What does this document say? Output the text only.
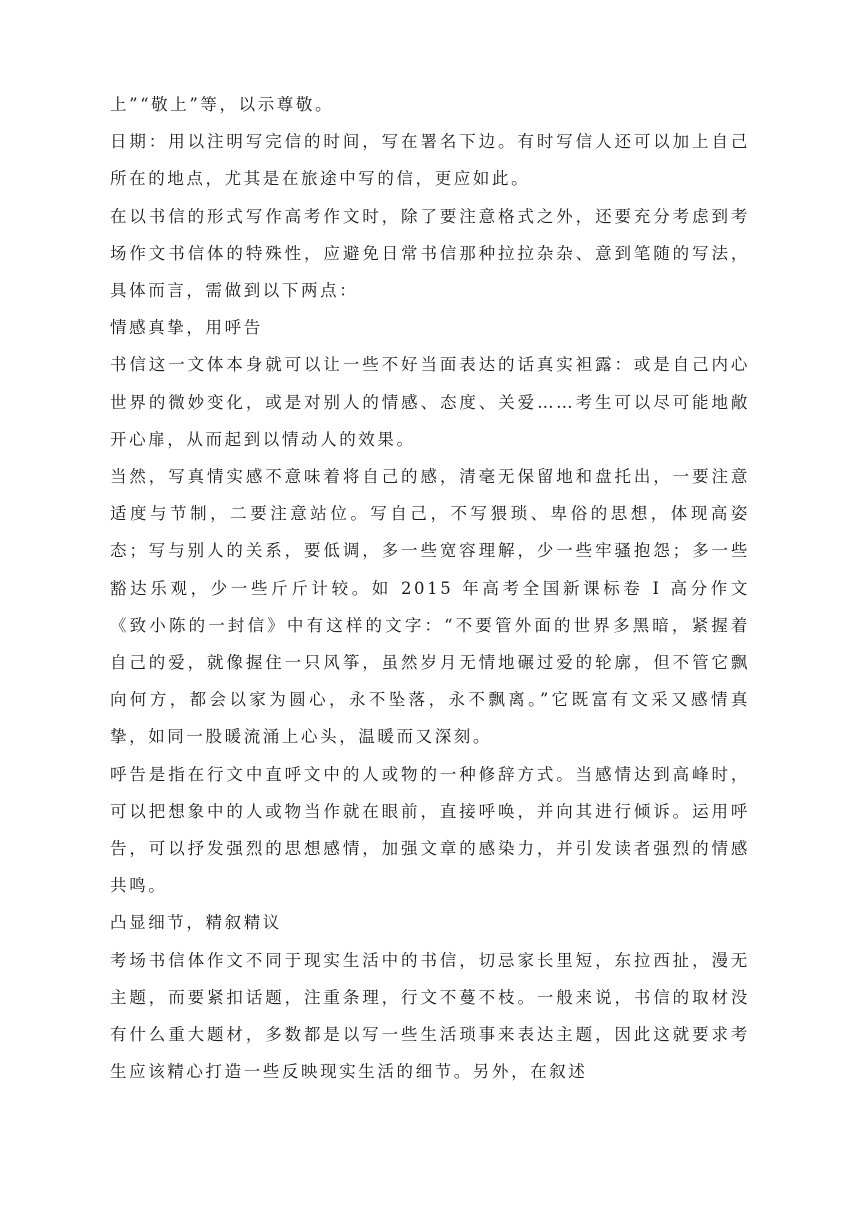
上”“敬上”等，以示尊敬。

日期：用以注明写完信的时间，写在署名下边。有时写信人还可以加上自己所在的地点，尤其是在旅途中写的信，更应如此。

在以书信的形式写作高考作文时，除了要注意格式之外，还要充分考虑到考场作文书信体的特殊性，应避免日常书信那种拉拉杂杂、意到笔随的写法，具体而言，需做到以下两点：

情感真挚，用呼告

书信这一文体本身就可以让一些不好当面表达的话真实袒露：或是自己内心世界的微妙变化，或是对别人的情感、态度、关爱……考生可以尽可能地敞开心扉，从而起到以情动人的效果。

当然，写真情实感不意味着将自己的感，清毫无保留地和盘托出，一要注意适度与节制，二要注意站位。写自己，不写猥琐、卑俗的思想，体现高姿态；写与别人的关系，要低调，多一些宽容理解，少一些牢骚抱怨；多一些豁达乐观，少一些斤斤计较。如 2015 年高考全国新课标卷 I 高分作文《致小陈的一封信》中有这样的文字：“不要管外面的世界多黑暗，紧握着自己的爱，就像握住一只风筝，虽然岁月无情地碾过爱的轮廓，但不管它飘向何方，都会以家为圆心，永不坠落，永不飘离。”它既富有文采又感情真挚，如同一股暖流涌上心头，温暖而又深刻。

呼告是指在行文中直呼文中的人或物的一种修辞方式。当感情达到高峰时，可以把想象中的人或物当作就在眼前，直接呼唤，并向其进行倾诉。运用呼告，可以抒发强烈的思想感情，加强文章的感染力，并引发读者强烈的情感共鸣。

凸显细节，精叙精议

考场书信体作文不同于现实生活中的书信，切忌家长里短，东拉西扯，漫无主题，而要紧扣话题，注重条理，行文不蔓不枝。一般来说，书信的取材没有什么重大题材，多数都是以写一些生活琐事来表达主题，因此这就要求考生应该精心打造一些反映现实生活的细节。另外，在叙述
